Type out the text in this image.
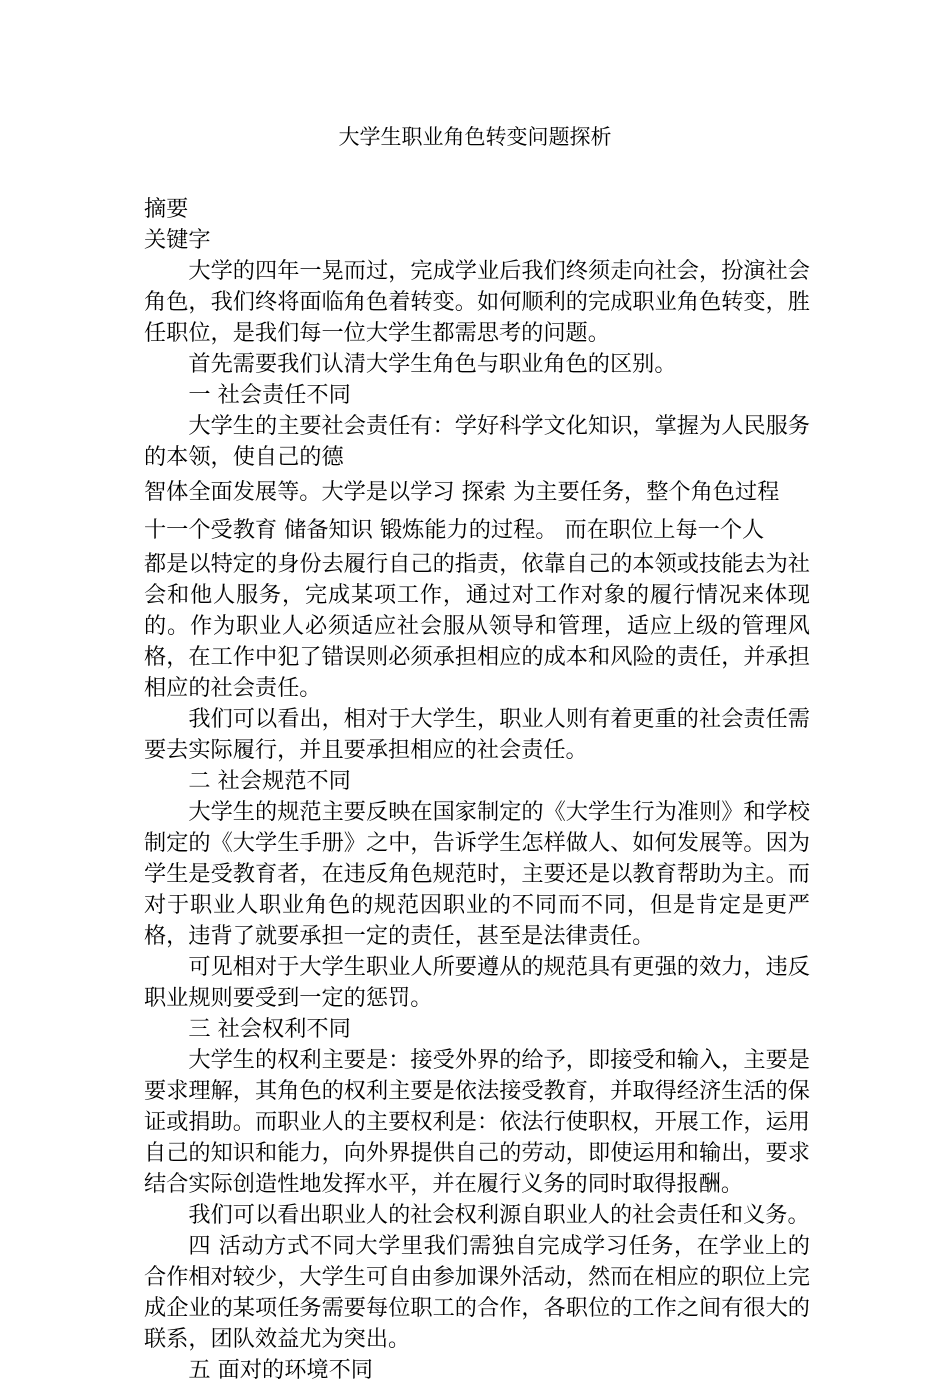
大学生职业角色转变问题探析

摘要

关键字

大学的四年一晃而过，完成学业后我们终须走向社会，扮演社会角色，我们终将面临角色着转变。如何顺利的完成职业角色转变，胜任职位，是我们每一位大学生都需思考的问题。

首先需要我们认清大学生角色与职业角色的区别。

一 社会责任不同

大学生的主要社会责任有：学好科学文化知识，掌握为人民服务的本领，使自己的德

智体全面发展等。大学是以学习 探索 为主要任务，整个角色过程

十一个受教育 储备知识 锻炼能力的过程。 而在职位上每一个人

都是以特定的身份去履行自己的指责，依靠自己的本领或技能去为社会和他人服务，完成某项工作，通过对工作对象的履行情况来体现的。作为职业人必须适应社会服从领导和管理，适应上级的管理风格，在工作中犯了错误则必须承担相应的成本和风险的责任，并承担相应的社会责任。

我们可以看出，相对于大学生，职业人则有着更重的社会责任需要去实际履行，并且要承担相应的社会责任。

二 社会规范不同

大学生的规范主要反映在国家制定的《大学生行为准则》和学校制定的《大学生手册》之中，告诉学生怎样做人、如何发展等。因为学生是受教育者，在违反角色规范时，主要还是以教育帮助为主。而对于职业人职业角色的规范因职业的不同而不同，但是肯定是更严格，违背了就要承担一定的责任，甚至是法律责任。

可见相对于大学生职业人所要遵从的规范具有更强的效力，违反职业规则要受到一定的惩罚。

三 社会权利不同

大学生的权利主要是：接受外界的给予，即接受和输入，主要是要求理解，其角色的权利主要是依法接受教育，并取得经济生活的保证或捐助。而职业人的主要权利是：依法行使职权，开展工作，运用自己的知识和能力，向外界提供自己的劳动，即使运用和输出，要求结合实际创造性地发挥水平，并在履行义务的同时取得报酬。

我们可以看出职业人的社会权利源自职业人的社会责任和义务。

四 活动方式不同大学里我们需独自完成学习任务，在学业上的合作相对较少，大学生可自由参加课外活动，然而在相应的职位上完成企业的某项任务需要每位职工的合作，各职位的工作之间有很大的联系，团队效益尤为突出。

五 面对的环境不同
